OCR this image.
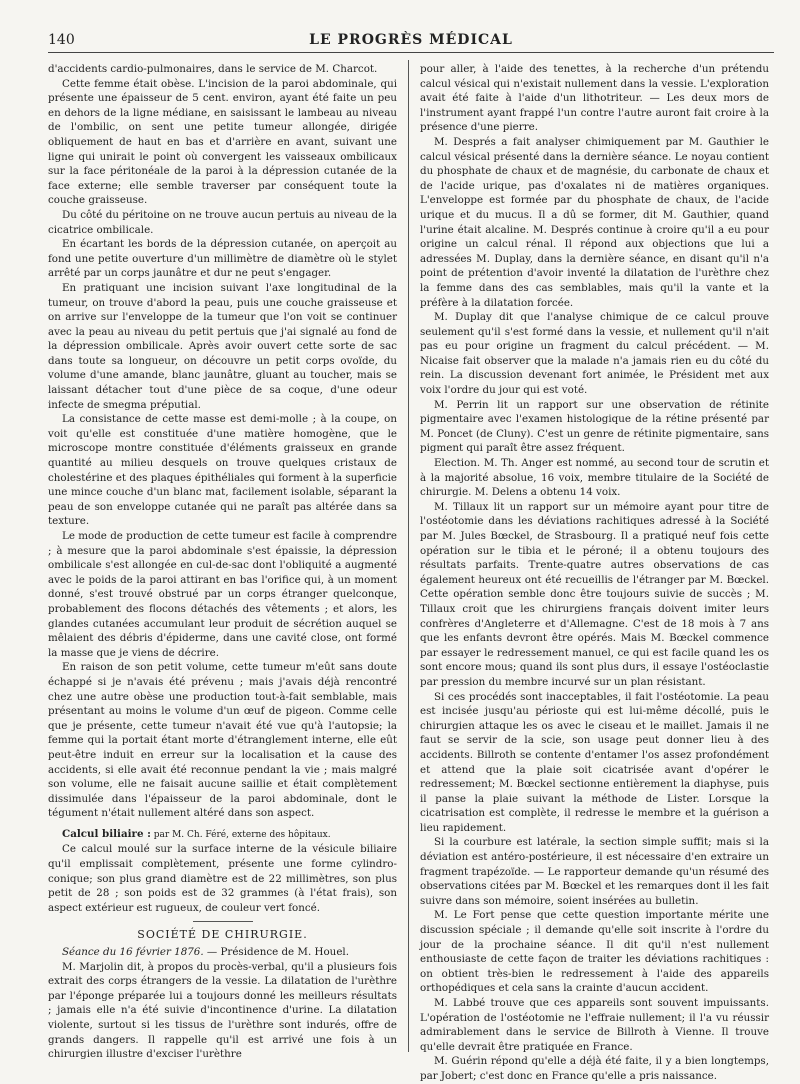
140	LE PROGRÈS MÉDICAL

d'accidents cardio-pulmonaires, dans le service de M. Charcot.

Cette femme était obèse. L'incision de la paroi abdominale, qui présente une épaisseur de 5 cent. environ, ayant été faite un peu en dehors de la ligne médiane, en saisissant le lambeau au niveau de l'ombilic, on sent une petite tumeur allongée, dirigée obliquement de haut en bas et d'arrière en avant, suivant une ligne qui unirait le point où convergent les vaisseaux ombilicaux sur la face péritonéale de la paroi à la dépression cutanée de la face externe; elle semble traverser par conséquent toute la couche graisseuse.

Du côté du péritoine on ne trouve aucun pertuis au niveau de la cicatrice ombilicale.

En écartant les bords de la dépression cutanée, on aperçoit au fond une petite ouverture d'un millimètre de diamètre où le stylet arrêté par un corps jaunâtre et dur ne peut s'engager.

En pratiquant une incision suivant l'axe longitudinal de la tumeur, on trouve d'abord la peau, puis une couche graisseuse et on arrive sur l'enveloppe de la tumeur que l'on voit se continuer avec la peau au niveau du petit pertuis que j'ai signalé au fond de la dépression ombilicale. Après avoir ouvert cette sorte de sac dans toute sa longueur, on découvre un petit corps ovoïde, du volume d'une amande, blanc jaunâtre, gluant au toucher, mais se laissant détacher tout d'une pièce de sa coque, d'une odeur infecte de smegma préputial.

La consistance de cette masse est demi-molle ; à la coupe, on voit qu'elle est constituée d'une matière homogène, que le microscope montre constituée d'éléments graisseux en grande quantité au milieu desquels on trouve quelques cristaux de cholestérine et des plaques épithéliales qui forment à la superficie une mince couche d'un blanc mat, facilement isolable, séparant la peau de son enveloppe cutanée qui ne paraît pas altérée dans sa texture.

Le mode de production de cette tumeur est facile à comprendre ; à mesure que la paroi abdominale s'est épaissie, la dépression ombilicale s'est allongée en cul-de-sac dont l'obliquité a augmenté avec le poids de la paroi attirant en bas l'orifice qui, à un moment donné, s'est trouvé obstrué par un corps étranger quelconque, probablement des flocons détachés des vêtements ; et alors, les glandes cutanées accumulant leur produit de sécrétion auquel se mêlaient des débris d'épiderme, dans une cavité close, ont formé la masse que je viens de décrire.

En raison de son petit volume, cette tumeur m'eût sans doute échappé si je n'avais été prévenu ; mais j'avais déjà rencontré chez une autre obèse une production tout-à-fait semblable, mais présentant au moins le volume d'un œuf de pigeon. Comme celle que je présente, cette tumeur n'avait été vue qu'à l'autopsie; la femme qui la portait étant morte d'étranglement interne, elle eût peut-être induit en erreur sur la localisation et la cause des accidents, si elle avait été reconnue pendant la vie ; mais malgré son volume, elle ne faisait aucune saillie et était complètement dissimulée dans l'épaisseur de la paroi abdominale, dont le tégument n'était nullement altéré dans son aspect.

Calcul biliaire : par M. Ch. Féré, externe des hôpitaux.

Ce calcul moulé sur la surface interne de la vésicule biliaire qu'il emplissait complètement, présente une forme cylindro-conique; son plus grand diamètre est de 22 millimètres, son plus petit de 28 ; son poids est de 32 grammes (à l'état frais), son aspect extérieur est rugueux, de couleur vert foncé.

SOCIÉTÉ DE CHIRURGIE.

Séance du 16 février 1876. — Présidence de M. Houel.

M. Marjolin dit, à propos du procès-verbal, qu'il a plusieurs fois extrait des corps étrangers de la vessie. La dilatation de l'urèthre par l'éponge préparée lui a toujours donné les meilleurs résultats ; jamais elle n'a été suivie d'incontinence d'urine. La dilatation violente, surtout si les tissus de l'urèthre sont indurés, offre de grands dangers. Il rappelle qu'il est arrivé une fois à un chirurgien illustre d'exciser l'urèthre

pour aller, à l'aide des tenettes, à la recherche d'un prétendu calcul vésical qui n'existait nullement dans la vessie. L'exploration avait été faite à l'aide d'un lithotriteur. — Les deux mors de l'instrument ayant frappé l'un contre l'autre auront fait croire à la présence d'une pierre.

M. Després a fait analyser chimiquement par M. Gauthier le calcul vésical présenté dans la dernière séance. Le noyau contient du phosphate de chaux et de magnésie, du carbonate de chaux et de l'acide urique, pas d'oxalates ni de matières organiques. L'enveloppe est formée par du phosphate de chaux, de l'acide urique et du mucus. Il a dû se former, dit M. Gauthier, quand l'urine était alcaline. M. Després continue à croire qu'il a eu pour origine un calcul rénal. Il répond aux objections que lui a adressées M. Duplay, dans la dernière séance, en disant qu'il n'a point de prétention d'avoir inventé la dilatation de l'urèthre chez la femme dans des cas semblables, mais qu'il la vante et la préfère à la dilatation forcée.

M. Duplay dit que l'analyse chimique de ce calcul prouve seulement qu'il s'est formé dans la vessie, et nullement qu'il n'ait pas eu pour origine un fragment du calcul précédent. — M. Nicaise fait observer que la malade n'a jamais rien eu du côté du rein. La discussion devenant fort animée, le Président met aux voix l'ordre du jour qui est voté.

M. Perrin lit un rapport sur une observation de rétinite pigmentaire avec l'examen histologique de la rétine présenté par M. Poncet (de Cluny). C'est un genre de rétinite pigmentaire, sans pigment qui paraît être assez fréquent.

Election. M. Th. Anger est nommé, au second tour de scrutin et à la majorité absolue, 16 voix, membre titulaire de la Société de chirurgie. M. Delens a obtenu 14 voix.

M. Tillaux lit un rapport sur un mémoire ayant pour titre de l'ostéotomie dans les déviations rachitiques adressé à la Société par M. Jules Bœckel, de Strasbourg. Il a pratiqué neuf fois cette opération sur le tibia et le péroné; il a obtenu toujours des résultats parfaits. Trente-quatre autres observations de cas également heureux ont été recueillis de l'étranger par M. Bœckel. Cette opération semble donc être toujours suivie de succès ; M. Tillaux croit que les chirurgiens français doivent imiter leurs confrères d'Angleterre et d'Allemagne. C'est de 18 mois à 7 ans que les enfants devront être opérés. Mais M. Bœckel commence par essayer le redressement manuel, ce qui est facile quand les os sont encore mous; quand ils sont plus durs, il essaye l'ostéoclastie par pression du membre incurvé sur un plan résistant.

Si ces procédés sont inacceptables, il fait l'ostéotomie. La peau est incisée jusqu'au périoste qui est lui-même décollé, puis le chirurgien attaque les os avec le ciseau et le maillet. Jamais il ne faut se servir de la scie, son usage peut donner lieu à des accidents. Billroth se contente d'entamer l'os assez profondément et attend que la plaie soit cicatrisée avant d'opérer le redressement; M. Bœckel sectionne entièrement la diaphyse, puis il panse la plaie suivant la méthode de Lister. Lorsque la cicatrisation est complète, il redresse le membre et la guérison a lieu rapidement.

Si la courbure est latérale, la section simple suffit; mais si la déviation est antéro-postérieure, il est nécessaire d'en extraire un fragment trapézoïde. — Le rapporteur demande qu'un résumé des observations citées par M. Bœckel et les remarques dont il les fait suivre dans son mémoire, soient insérées au bulletin.

M. Le Fort pense que cette question importante mérite une discussion spéciale ; il demande qu'elle soit inscrite à l'ordre du jour de la prochaine séance. Il dit qu'il n'est nullement enthousiaste de cette façon de traiter les déviations rachitiques : on obtient très-bien le redressement à l'aide des appareils orthopédiques et cela sans la crainte d'aucun accident.

M. Labbé trouve que ces appareils sont souvent impuissants. L'opération de l'ostéotomie ne l'effraie nullement; il l'a vu réussir admirablement dans le service de Billroth à Vienne. Il trouve qu'elle devrait être pratiquée en France.

M. Guérin répond qu'elle a déjà été faite, il y a bien longtemps, par Jobert; c'est donc en France qu'elle a pris naissance.
